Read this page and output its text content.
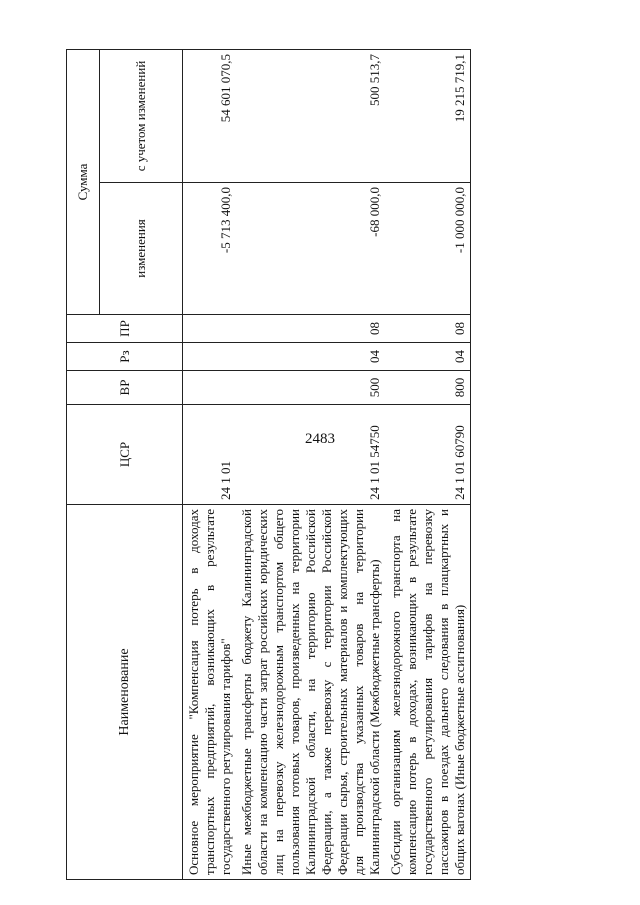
2483
Наименование	ЦСР	ВР	Рз	ПР	Сумма	
					изменения	с учетом изменений
Основное мероприятие "Компенсация потерь в доходах транспортных предприятий, возникающих в результате государственного регулирования тарифов"	24 1 01				-5 713 400,0	54 601 070,5
Иные межбюджетные трансферты бюджету Калининградской области на компенсацию части затрат российских юридических лиц на перевозку железнодорожным транспортом общего пользования готовых товаров, произведенных на территории Калининградской области, на территорию Российской Федерации, а также перевозку с территории Российской Федерации сырья, строительных материалов и комплектующих для производства указанных товаров на территории Калининградской области (Межбюджетные трансферты)	24 1 01 54750	500	04	08	-68 000,0	500 513,7
Субсидии организациям железнодорожного транспорта на компенсацию потерь в доходах, возникающих в результате государственного регулирования тарифов на перевозку пассажиров в поездах дальнего следования в плацкартных и общих вагонах (Иные бюджетные ассигнования)	24 1 01 60790	800	04	08	-1 000 000,0	19 215 719,1
